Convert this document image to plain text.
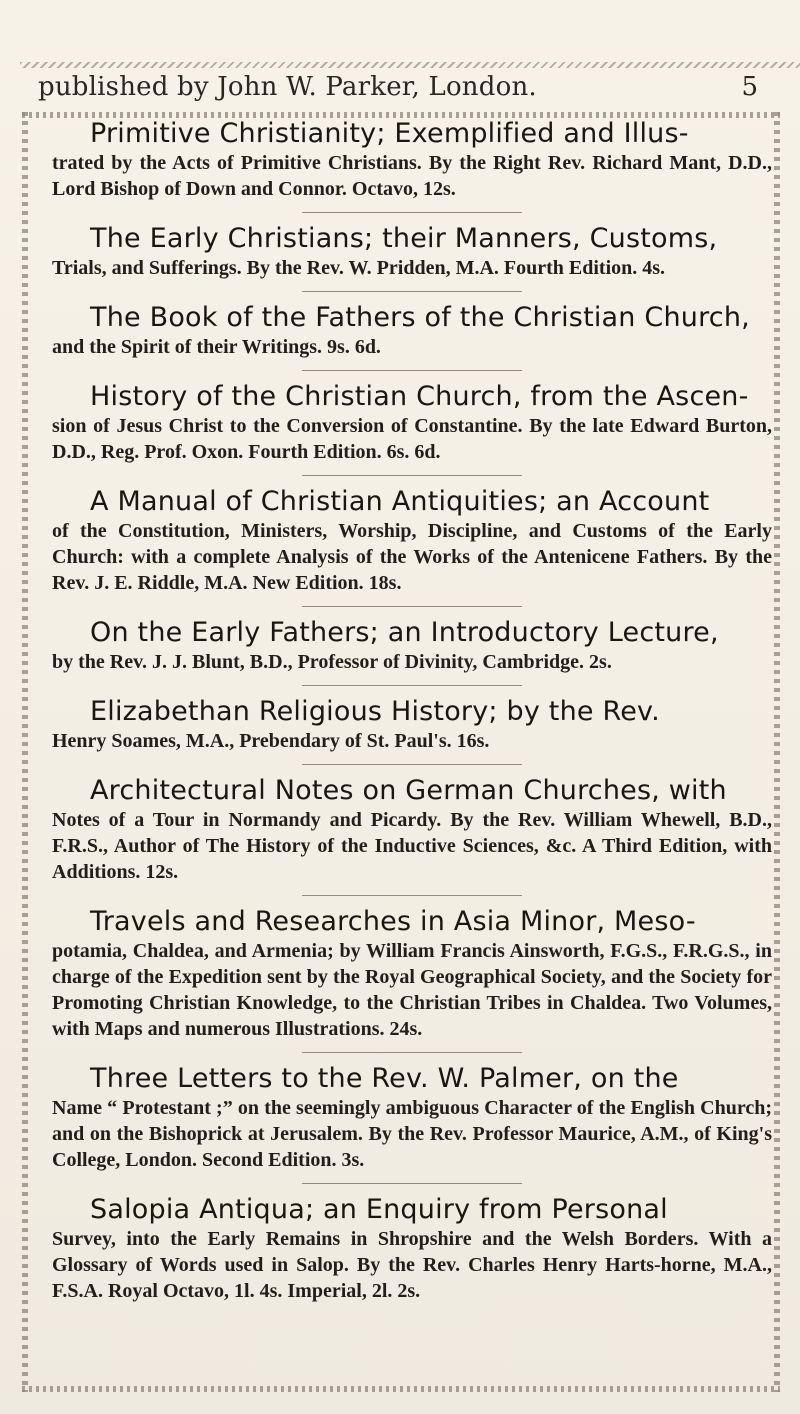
published by John W. Parker, London.	5
Primitive Christianity; Exemplified and Illus-
trated by the Acts of Primitive Christians. By the Right Rev. Richard Mant, D.D., Lord Bishop of Down and Connor. Octavo, 12s.
The Early Christians; their Manners, Customs,
Trials, and Sufferings. By the Rev. W. Pridden, M.A. Fourth Edition. 4s.
The Book of the Fathers of the Christian Church,
and the Spirit of their Writings. 9s. 6d.
History of the Christian Church, from the Ascen-
sion of Jesus Christ to the Conversion of Constantine. By the late Edward Burton, D.D., Reg. Prof. Oxon. Fourth Edition. 6s. 6d.
A Manual of Christian Antiquities; an Account
of the Constitution, Ministers, Worship, Discipline, and Customs of the Early Church: with a complete Analysis of the Works of the Antenicene Fathers. By the Rev. J. E. Riddle, M.A. New Edition. 18s.
On the Early Fathers; an Introductory Lecture,
by the Rev. J. J. Blunt, B.D., Professor of Divinity, Cambridge. 2s.
Elizabethan Religious History; by the Rev.
Henry Soames, M.A., Prebendary of St. Paul's. 16s.
Architectural Notes on German Churches, with
Notes of a Tour in Normandy and Picardy. By the Rev. William Whewell, B.D., F.R.S., Author of The History of the Inductive Sciences, &c. A Third Edition, with Additions. 12s.
Travels and Researches in Asia Minor, Meso-
potamia, Chaldea, and Armenia; by William Francis Ainsworth, F.G.S., F.R.G.S., in charge of the Expedition sent by the Royal Geographical Society, and the Society for Promoting Christian Knowledge, to the Christian Tribes in Chaldea. Two Volumes, with Maps and numerous Illustrations. 24s.
Three Letters to the Rev. W. Palmer, on the
Name “ Protestant ;” on the seemingly ambiguous Character of the English Church; and on the Bishoprick at Jerusalem. By the Rev. Professor Maurice, A.M., of King's College, London. Second Edition. 3s.
Salopia Antiqua; an Enquiry from Personal
Survey, into the Early Remains in Shropshire and the Welsh Borders. With a Glossary of Words used in Salop. By the Rev. Charles Henry Harts-horne, M.A., F.S.A. Royal Octavo, 1l. 4s. Imperial, 2l. 2s.
